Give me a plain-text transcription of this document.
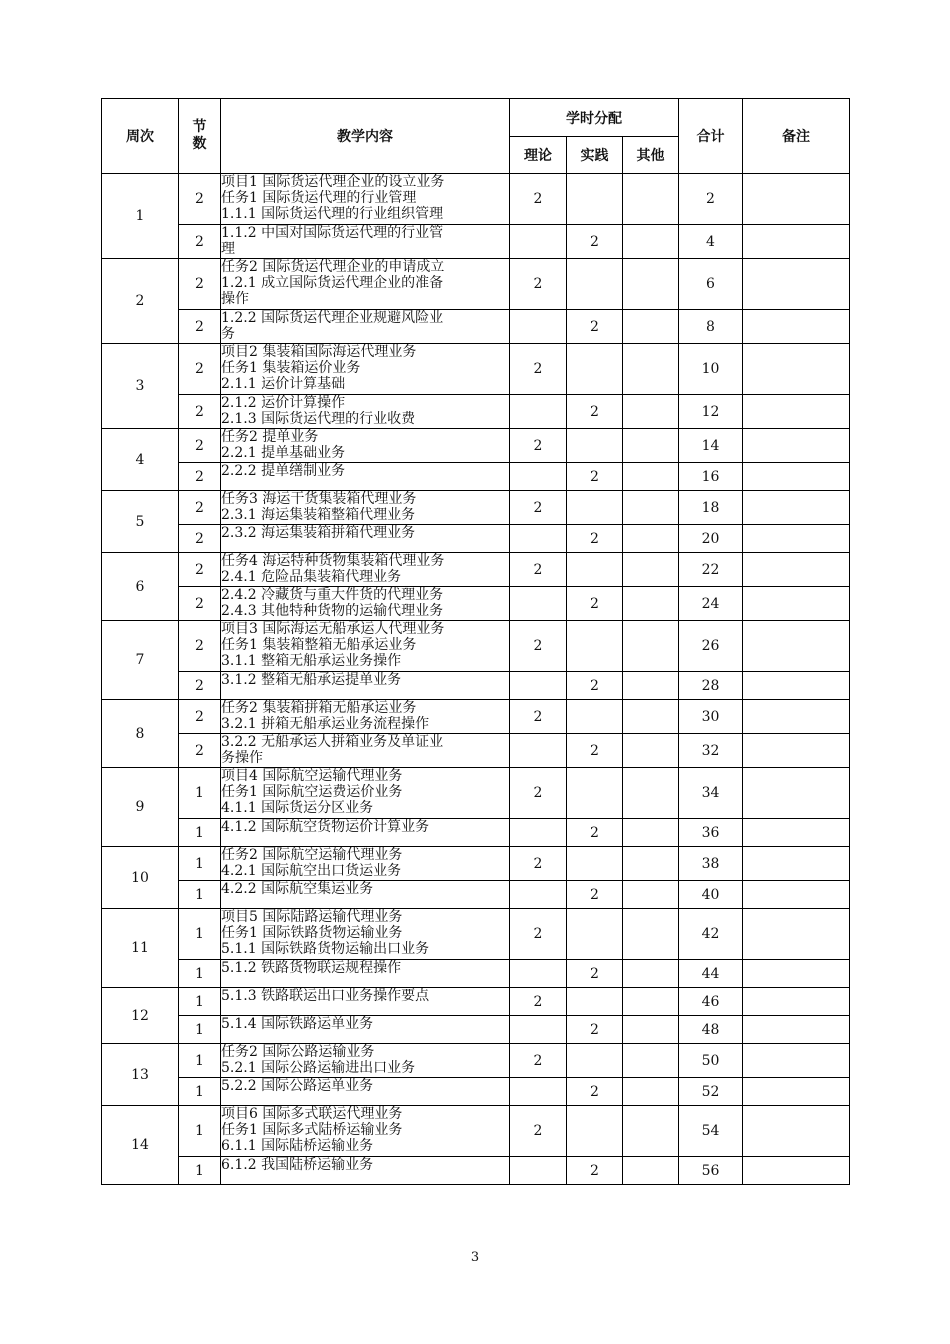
周次	节数	教学内容	学时分配			合计	备注
			理论	实践	其他		
1	2	项目1 国际货运代理企业的设立业务
任务1 国际货运代理的行业管理
1.1.1 国际货运代理的行业组织管理	2			2	
	2	1.1.2 中国对国际货运代理的行业管
理		2		4	
2	2	任务2 国际货运代理企业的申请成立
1.2.1 成立国际货运代理企业的准备
操作	2			6	
	2	1.2.2 国际货运代理企业规避风险业
务		2		8	
3	2	项目2 集装箱国际海运代理业务
任务1 集装箱运价业务
2.1.1 运价计算基础	2			10	
	2	2.1.2 运价计算操作
2.1.3 国际货运代理的行业收费		2		12	
4	2	任务2 提单业务
2.2.1 提单基础业务	2			14	
	2	2.2.2 提单缮制业务		2		16	
5	2	任务3 海运干货集装箱代理业务
2.3.1 海运集装箱整箱代理业务	2			18	
	2	2.3.2 海运集装箱拼箱代理业务		2		20	
6	2	任务4 海运特种货物集装箱代理业务
2.4.1 危险品集装箱代理业务	2			22	
	2	2.4.2 冷藏货与重大件货的代理业务
2.4.3 其他特种货物的运输代理业务		2		24	
7	2	项目3 国际海运无船承运人代理业务
任务1 集装箱整箱无船承运业务
3.1.1 整箱无船承运业务操作	2			26	
	2	3.1.2 整箱无船承运提单业务		2		28	
8	2	任务2 集装箱拼箱无船承运业务
3.2.1 拼箱无船承运业务流程操作	2			30	
	2	3.2.2 无船承运人拼箱业务及单证业
务操作		2		32	
9	1	项目4 国际航空运输代理业务
任务1 国际航空运费运价业务
4.1.1 国际货运分区业务	2			34	
	1	4.1.2 国际航空货物运价计算业务		2		36	
10	1	任务2 国际航空运输代理业务
4.2.1 国际航空出口货运业务	2			38	
	1	4.2.2 国际航空集运业务		2		40	
11	1	项目5 国际陆路运输代理业务
任务1 国际铁路货物运输业务
5.1.1 国际铁路货物运输出口业务	2			42	
	1	5.1.2 铁路货物联运规程操作		2		44	
12	1	5.1.3 铁路联运出口业务操作要点	2			46	
	1	5.1.4 国际铁路运单业务		2		48	
13	1	任务2 国际公路运输业务
5.2.1 国际公路运输进出口业务	2			50	
	1	5.2.2 国际公路运单业务		2		52	
14	1	项目6 国际多式联运代理业务
任务1 国际多式陆桥运输业务
6.1.1 国际陆桥运输业务	2			54	
	1	6.1.2 我国陆桥运输业务		2		56	
3
